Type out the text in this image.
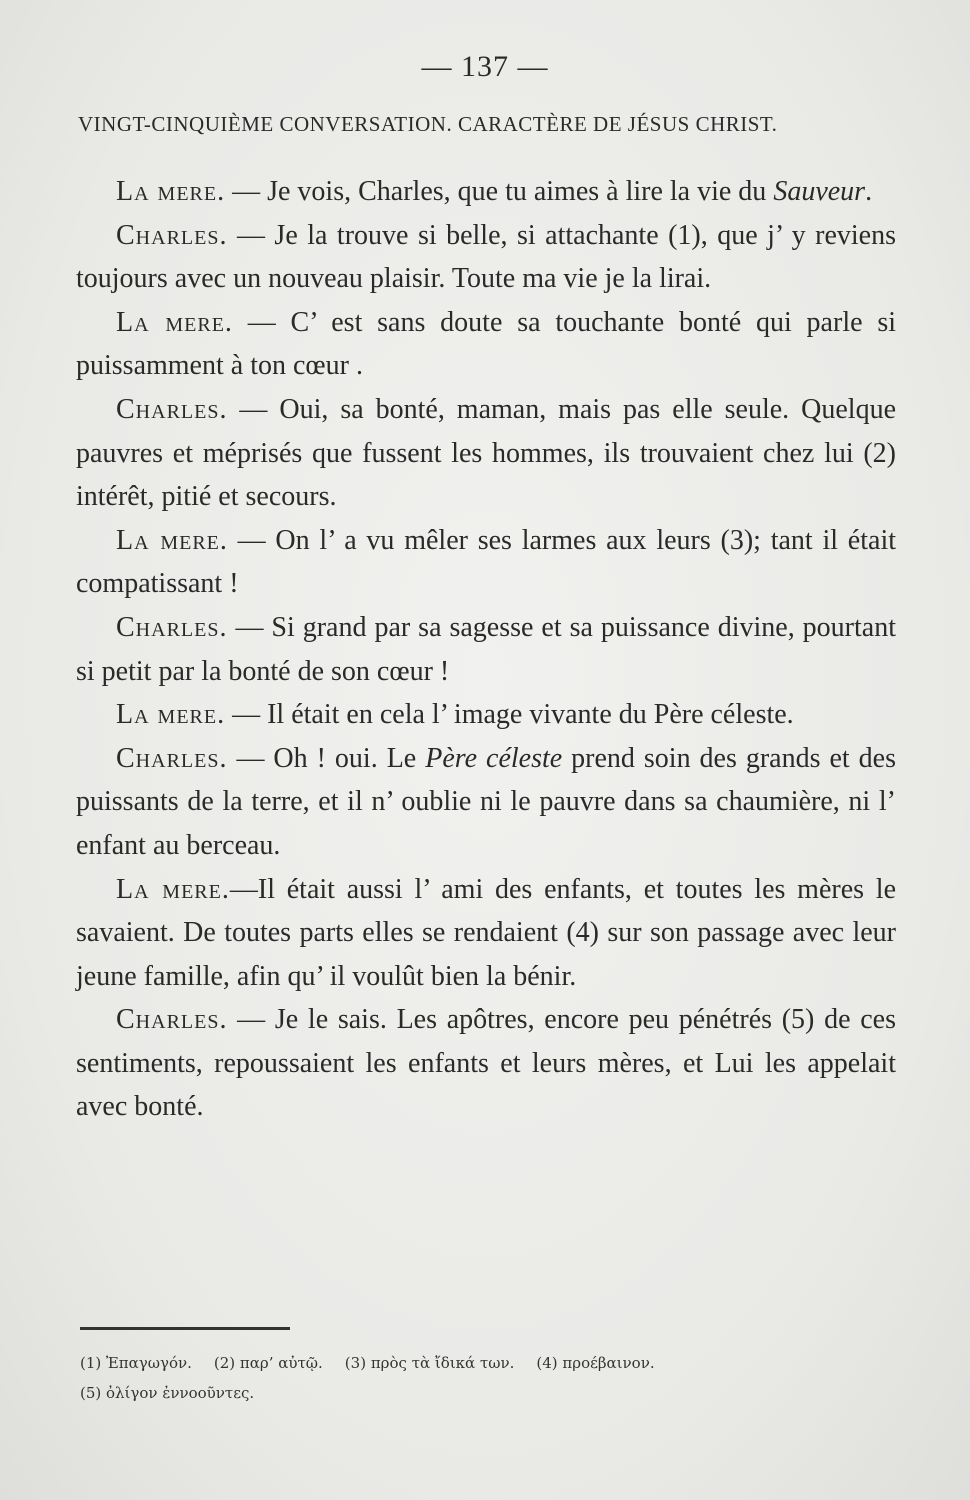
— 137 —
VINGT-CINQUIÈME CONVERSATION. CARACTÈRE DE JÉSUS CHRIST.

La mere. — Je vois, Charles, que tu aimes à lire la vie du Sauveur.

Charles. — Je la trouve si belle, si attachante (1), que j’ y reviens toujours avec un nouveau plaisir. Toute ma vie je la lirai.

La mere. — C’ est sans doute sa touchante bonté qui parle si puissamment à ton cœur .

Charles. — Oui, sa bonté, maman, mais pas elle seule. Quelque pauvres et méprisés que fussent les hommes, ils trouvaient chez lui (2) intérêt, pitié et secours.

La mere. — On l’ a vu mêler ses larmes aux leurs (3); tant il était compatissant !

Charles. — Si grand par sa sagesse et sa puissance divine, pourtant si petit par la bonté de son cœur !

La mere. — Il était en cela l’ image vivante du Père céleste.

Charles. — Oh ! oui. Le Père céleste prend soin des grands et des puissants de la terre, et il n’ oublie ni le pauvre dans sa chaumière, ni l’ enfant au berceau.

La mere.—Il était aussi l’ ami des enfants, et toutes les mères le savaient. De toutes parts elles se rendaient (4) sur son passage avec leur jeune famille, afin qu’ il voulût bien la bénir.

Charles. — Je le sais. Les apôtres, encore peu pénétrés (5) de ces sentiments, repoussaient les enfants et leurs mères, et Lui les appelait avec bonté.

(1) Ἐπαγωγόν. (2) παρ’ αὐτῷ. (3) πρὸς τὰ ἴδικά των. (4) προέβαινον.
(5) ὀλίγον ἐννοοῦντες.
